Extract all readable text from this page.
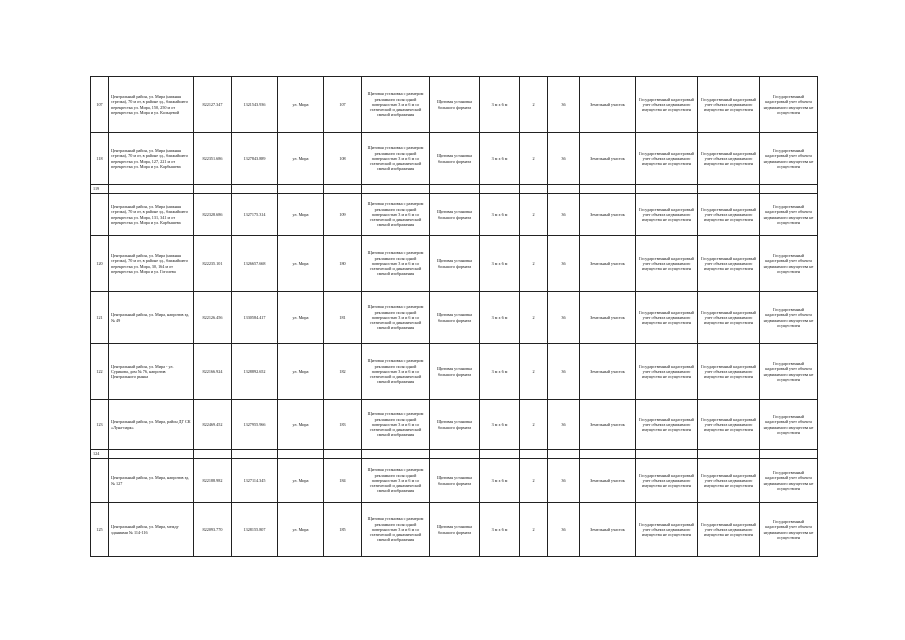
107	Центральный район, ул. Мира (нижняя стрелка), 70 м от, в районе зд., ближайшего перекрестка ул. Мира, 150, 250 м от перекрестка ул. Мира и ул. Кольцевой	822127.347	1321543.936	ул. Мира	107	Щитовая установка с размером рекламного поля одной поверхностью 3 м и 6 м со статической и динамической сменой изображения	Щитовая установка большого формата	3 м х 6 м	2	36	Земельный участок	Государственный кадастровый учет объекта недвижимого имущества не осуществлен	Государственный кадастровый учет объекта недвижимого имущества не осуществлен	Государственный кадастровый учет объекта недвижимого имущества не осуществлен
118	Центральный район, ул. Мира (нижняя стрелка), 70 м от, в районе зд., ближайшего перекрестка ул. Мира, 127, 221 м от перекрестка ул. Мира и ул. Карбышева	822351.686	1327843.889	ул. Мира	108	Щитовая установка с размером рекламного поля одной поверхностью 3 м и 6 м со статической и динамической сменой изображения	Щитовая установка большого формата	3 м х 6 м	2	36	Земельный участок	Государственный кадастровый учет объекта недвижимого имущества не осуществлен	Государственный кадастровый учет объекта недвижимого имущества не осуществлен	Государственный кадастровый учет объекта недвижимого имущества не осуществлен
119														
	Центральный район, ул. Мира (нижняя стрелка), 70 м от, в районе зд., ближайшего перекрестка ул. Мира, 131, 341 м от перекрестка ул. Мира и ул. Карбышева	822328.686	1327175.314	ул. Мира	109	Щитовая установка с размером рекламного поля одной поверхностью 3 м и 6 м со статической и динамической сменой изображения	Щитовая установка большого формата	3 м х 6 м	2	36	Земельный участок	Государственный кадастровый учет объекта недвижимого имущества не осуществлен	Государственный кадастровый учет объекта недвижимого имущества не осуществлен	Государственный кадастровый учет объекта недвижимого имущества не осуществлен
120	Центральный район, ул. Мира (нижняя стрелка), 70 м от, в районе зд., ближайшего перекрестка ул. Мира, 30, 164 м от перекрестка ул. Мира и ул. Гоголева	822235.101	1326657.668	ул. Мира	180	Щитовая установка с размером рекламного поля одной поверхностью 3 м и 6 м со статической и динамической сменой изображения	Щитовая установка большого формата	3 м х 6 м	2	36	Земельный участок	Государственный кадастровый учет объекта недвижимого имущества не осуществлен	Государственный кадастровый учет объекта недвижимого имущества не осуществлен	Государственный кадастровый учет объекта недвижимого имущества не осуществлен
121	Центральный район, ул. Мира, напротив зд. № 49	822126.456	1330584.417	ул. Мира	181	Щитовая установка с размером рекламного поля одной поверхностью 3 м и 6 м со статической и динамической сменой изображения	Щитовая установка большого формата	3 м х 6 м	2	36	Земельный участок	Государственный кадастровый учет объекта недвижимого имущества не осуществлен	Государственный кадастровый учет объекта недвижимого имущества не осуществлен	Государственный кадастровый учет объекта недвижимого имущества не осуществлен
122	Центральный район, ул. Мира - ул. Сурикова, дом № 76, напротив Центрального рынка	822166.924	1328892.652	ул. Мира	182	Щитовая установка с размером рекламного поля одной поверхностью 3 м и 6 м со статической и динамической сменой изображения	Щитовая установка большого формата	3 м х 6 м	2	36	Земельный участок	Государственный кадастровый учет объекта недвижимого имущества не осуществлен	Государственный кадастровый учет объекта недвижимого имущества не осуществлен	Государственный кадастровый учет объекта недвижимого имущества не осуществлен
123	Центральный район, ул. Мира, район ДГ СК «Луна-парк»	822469.452	1327955.966	ул. Мира	183	Щитовая установка с размером рекламного поля одной поверхностью 3 м и 6 м со статической и динамической сменой изображения	Щитовая установка большого формата	3 м х 6 м	2	36	Земельный участок	Государственный кадастровый учет объекта недвижимого имущества не осуществлен	Государственный кадастровый учет объекта недвижимого имущества не осуществлен	Государственный кадастровый учет объекта недвижимого имущества не осуществлен
124														
	Центральный район, ул. Мира, напротив зд. № 127	822188.982	1327114.345	ул. Мира	184	Щитовая установка с размером рекламного поля одной поверхностью 3 м и 6 м со статической и динамической сменой изображения	Щитовая установка большого формата	3 м х 6 м	2	36	Земельный участок	Государственный кадастровый учет объекта недвижимого имущества не осуществлен	Государственный кадастровый учет объекта недвижимого имущества не осуществлен	Государственный кадастровый учет объекта недвижимого имущества не осуществлен
125	Центральный район, ул. Мира, между зданиями № 114-116	822093.770	1328155.807	ул. Мира	185	Щитовая установка с размером рекламного поля одной поверхностью 3 м и 6 м со статической и динамической сменой изображения	Щитовая установка большого формата	3 м х 6 м	2	36	Земельный участок	Государственный кадастровый учет объекта недвижимого имущества не осуществлен	Государственный кадастровый учет объекта недвижимого имущества не осуществлен	Государственный кадастровый учет объекта недвижимого имущества не осуществлен
